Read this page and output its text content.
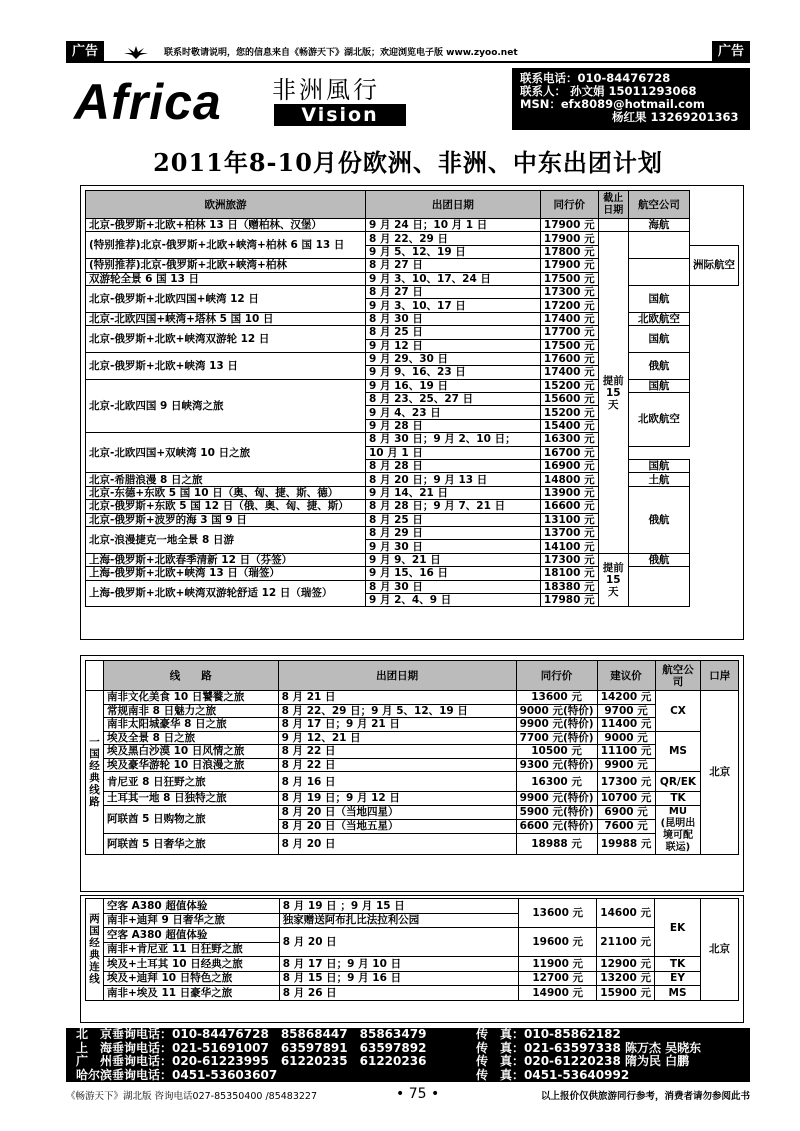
广告	联系时敬请说明，您的信息来自《畅游天下》湖北版；欢迎浏览电子版 www.zyoo.net	广告
Africa 非洲風行
Vision
联系电话：010-84476728
联系人： 孙文娟 15011293068
MSN：efx8089@hotmail.com
杨红果 13269201363
2011年8-10月份欧洲、非洲、中东出团计划
欧洲旅游	出团日期	同行价	截止日期	航空公司	
北京-俄罗斯+北欧+柏林 13 日（赠柏林、汉堡）	9 月 24 日；10 月 1 日	17900 元		海航	
(特别推荐)北京-俄罗斯+北欧+峡湾+柏林 6 国 13 日	8 月 22、29 日	17900 元	提前15天		
	9 月 5、12、19 日	17800 元			洲际航空
(特别推荐)北京-俄罗斯+北欧+峡湾+柏林	8 月 27 日	17900 元			
双游轮全景 6 国 13 日	9 月 3、10、17、24 日	17500 元			
北京-俄罗斯+北欧四国+峡湾 12 日	8 月 27 日	17300 元		国航	
	9 月 3、10、17 日	17200 元			
北京-北欧四国+峡湾+塔林 5 国 10 日	8 月 30 日	17400 元		北欧航空	
北京-俄罗斯+北欧+峡湾双游轮 12 日	8 月 25 日	17700 元		国航	
	9 月 12 日	17500 元			
北京-俄罗斯+北欧+峡湾 13 日	9 月 29、30 日	17600 元		俄航	
	9 月 9、16、23 日	17400 元			
北京-北欧四国 9 日峡湾之旅	9 月 16、19 日	15200 元		国航	
	8 月 23、25、27 日	15600 元		北欧航空	
	9 月 4、23 日	15200 元			
	9 月 28 日	15400 元			
北京-北欧四国+双峡湾 10 日之旅	8 月 30 日；9 月 2、10 日；	16300 元			
	10 月 1 日	16700 元			
	8 月 28 日	16900 元		国航	
北京-希腊浪漫 8 日之旅	8 月 20 日；9 月 13 日	14800 元		土航	
北京-东德+东欧 5 国 10 日（奥、匈、捷、斯、德）	9 月 14、21 日	13900 元		俄航	
北京-俄罗斯+东欧 5 国 12 日（俄、奥、匈、捷、斯）	8 月 28 日；9 月 7、21 日	16600 元			
北京-俄罗斯+波罗的海 3 国 9 日	8 月 25 日	13100 元			
北京-浪漫捷克一地全景 8 日游	8 月 29 日	13700 元			
	9 月 30 日	14100 元			
上海-俄罗斯+北欧春季清新 12 日（芬签）	9 月 9、21 日	17300 元	提前15天	俄航	
上海-俄罗斯+北欧+峡湾 13 日（瑞签）	9 月 15、16 日	18100 元			
上海-俄罗斯+北欧+峡湾双游轮舒适 12 日（瑞签）	8 月 30 日	18380 元			
	9 月 2、4、9 日	17980 元			
	线　　路	出团日期	同行价	建议价	航空公司	口岸
一国经典线路	南非文化美食 10 日饕餮之旅	8 月 21 日	13600 元	14200 元	CX	北京
	常规南非 8 日魅力之旅	8 月 22、29 日；9 月 5、12、19 日	9000 元(特价)	9700 元		
	南非太阳城豪华 8 日之旅	8 月 17 日；9 月 21 日	9900 元(特价)	11400 元		
	埃及全景 8 日之旅	9 月 12、21 日	7700 元(特价)	9000 元	MS	
	埃及黑白沙漠 10 日风情之旅	8 月 22 日	10500 元	11100 元		
	埃及豪华游轮 10 日浪漫之旅	8 月 22 日	9300 元(特价)	9900 元		
	肯尼亚 8 日狂野之旅	8 月 16 日	16300 元	17300 元	QR/EK	
	土耳其一地 8 日独特之旅	8 月 19 日；9 月 12 日	9900 元(特价)	10700 元	TK	
	阿联酋 5 日购物之旅	8 月 20 日（当地四星）	5900 元(特价)	6900 元	MU
(昆明出境可配联运)	

		8 月 20 日（当地五星）	6600 元(特价)	7600 元		
	阿联酋 5 日奢华之旅	8 月 20 日	18988 元	19988 元		
两国经典连线	空客 A380 超值体验	8 月 19 日 ；9 月 15 日	13600 元	14600 元	EK	北京
	南非+迪拜 9 日奢华之旅	独家赠送阿布扎比法拉利公园				
	空客 A380 超值体验	8 月 20 日	19600 元	21100 元		
	南非+肯尼亚 11 日狂野之旅					
	埃及+土耳其 10 日经典之旅	8 月 17 日；9 月 10 日	11900 元	12900 元	TK	
	埃及+迪拜 10 日特色之旅	8 月 15 日；9 月 16 日	12700 元	13200 元	EY	
	南非+埃及 11 日豪华之旅	8 月 26 日	14900 元	15900 元	MS	
北　京垂询电话：010-84476728　85868447　85863479	传　真：010-85862182
上　海垂询电话：021-51691007　63597891　63597892	传　真：021-63597338 陈万杰 吴晓东
广　州垂询电话：020-61223995　61220235　61220236	传　真：020-61220238 隋为民 白鹏
哈尔滨垂询电话：0451-53603607	传　真：0451-53640992
《畅游天下》湖北版 咨询电话027-85350400 /85483227	• 75 •	以上报价仅供旅游同行参考，消费者请勿参阅此书
